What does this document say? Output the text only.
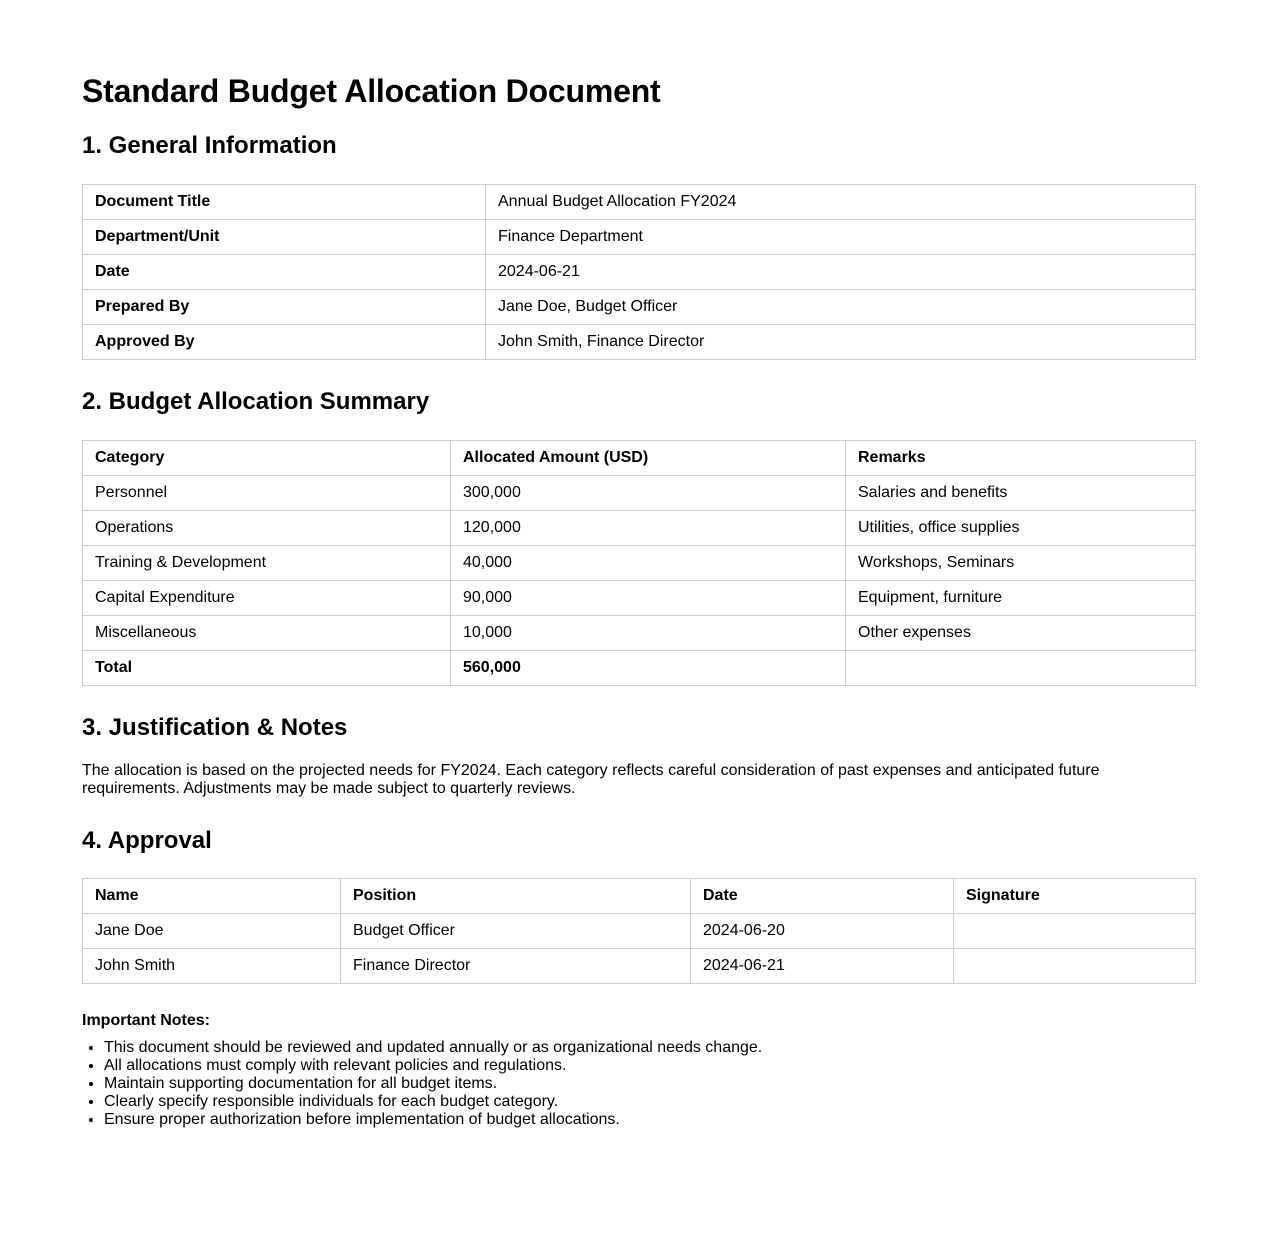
Standard Budget Allocation Document
1. General Information
Document Title	Annual Budget Allocation FY2024
Department/Unit	Finance Department
Date	2024-06-21
Prepared By	Jane Doe, Budget Officer
Approved By	John Smith, Finance Director
2. Budget Allocation Summary
Category	Allocated Amount (USD)	Remarks
Personnel	300,000	Salaries and benefits
Operations	120,000	Utilities, office supplies
Training & Development	40,000	Workshops, Seminars
Capital Expenditure	90,000	Equipment, furniture
Miscellaneous	10,000	Other expenses
Total	560,000	
3. Justification & Notes

The allocation is based on the projected needs for FY2024. Each category reflects careful consideration of past expenses and anticipated future requirements. Adjustments may be made subject to quarterly reviews.

4. Approval
Name	Position	Date	Signature
Jane Doe	Budget Officer	2024-06-20	
John Smith	Finance Director	2024-06-21	

Important Notes:

• This document should be reviewed and updated annually or as organizational needs change.
• All allocations must comply with relevant policies and regulations.
• Maintain supporting documentation for all budget items.
• Clearly specify responsible individuals for each budget category.
• Ensure proper authorization before implementation of budget allocations.
